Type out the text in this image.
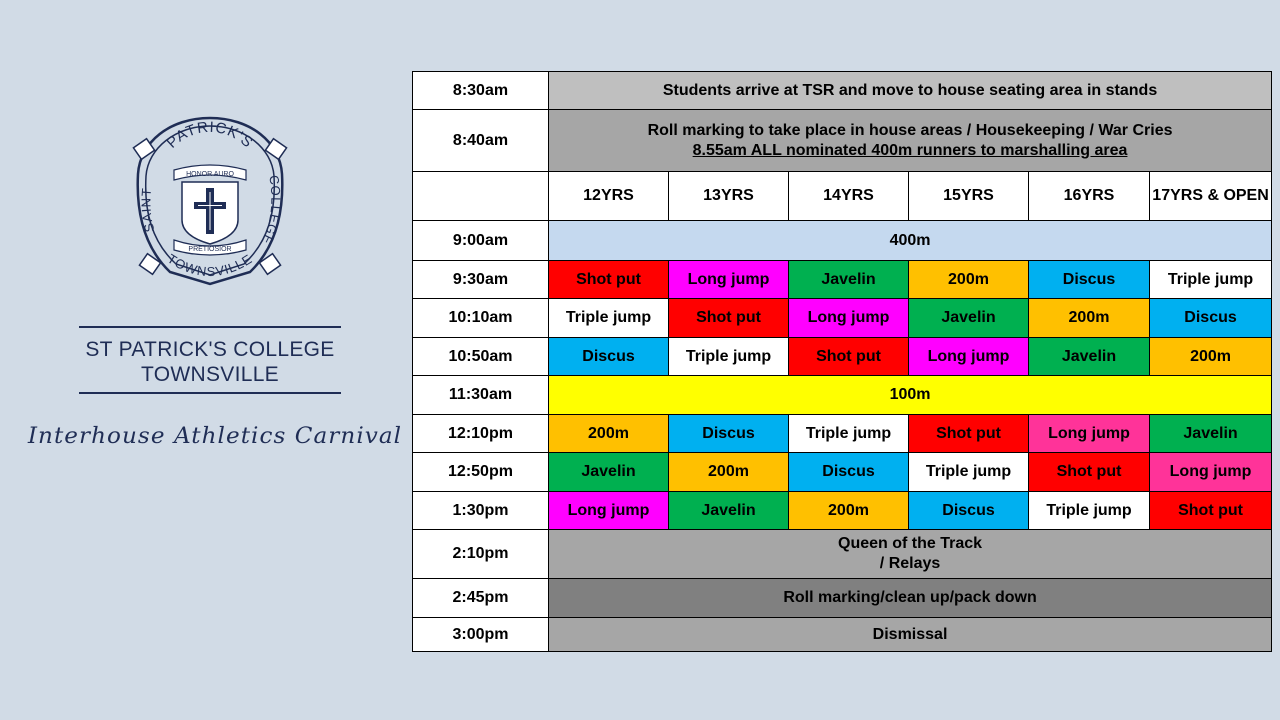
PATRICK'S
SAINT
COLLEGE
TOWNSVILLE
HONOR AURO
PRETIOSIOR
ST PATRICK'S COLLEGE
TOWNSVILLE
Interhouse Athletics Carnival
8:30am	Students arrive at TSR and move to house seating area in stands					
8:40am	Roll marking to take place in house areas / Housekeeping / War Cries
8.55am ALL nominated 400m runners to marshalling area					

	12YRS	13YRS	14YRS	15YRS	16YRS	17YRS & OPEN
9:00am	400m					
9:30am	Shot put	Long jump	Javelin	200m	Discus	Triple jump
10:10am	Triple jump	Shot put	Long jump	Javelin	200m	Discus
10:50am	Discus	Triple jump	Shot put	Long jump	Javelin	200m
11:30am	100m					
12:10pm	200m	Discus	Triple jump	Shot put	Long jump	Javelin
12:50pm	Javelin	200m	Discus	Triple jump	Shot put	Long jump
1:30pm	Long jump	Javelin	200m	Discus	Triple jump	Shot put
2:10pm	Queen of the Track
/ Relays					

2:45pm	Roll marking/clean up/pack down					
3:00pm	Dismissal					
